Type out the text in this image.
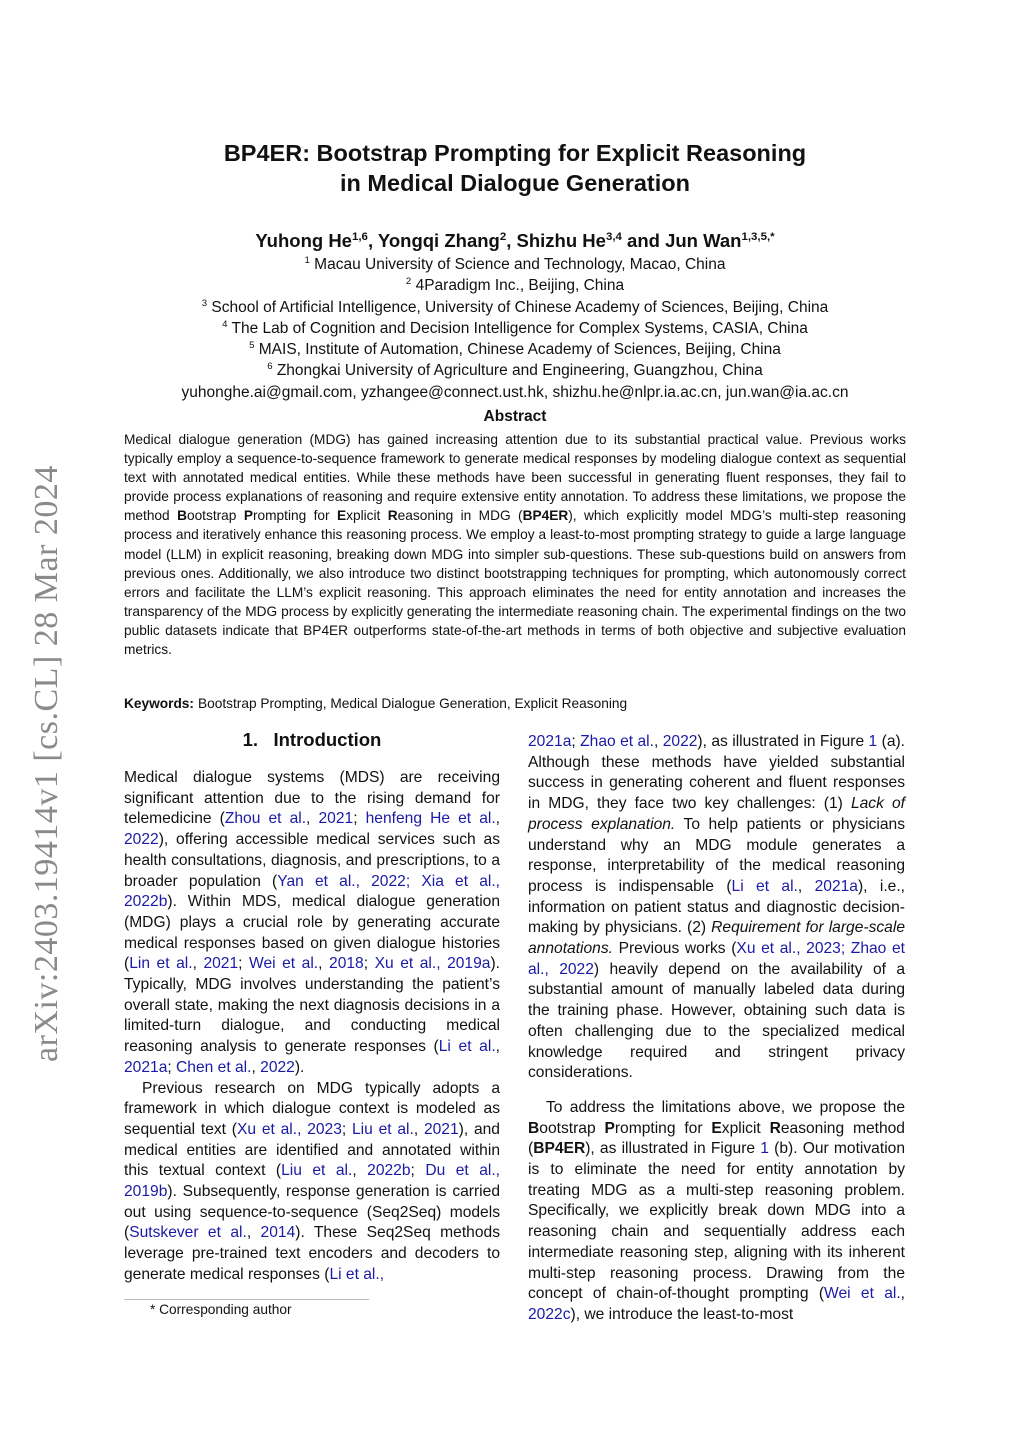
arXiv:2403.19414v1 [cs.CL] 28 Mar 2024
BP4ER: Bootstrap Prompting for Explicit Reasoning
in Medical Dialogue Generation
Yuhong He$^{1,6}$, Yongqi Zhang$^2$, Shizhu He$^{3,4}$ and Jun Wan$^{1,3,5,*}$
$^1$ Macau University of Science and Technology, Macao, China
$^2$ 4Paradigm Inc., Beijing, China
$^3$ School of Artificial Intelligence, University of Chinese Academy of Sciences, Beijing, China
$^4$ The Lab of Cognition and Decision Intelligence for Complex Systems, CASIA, China
$^5$ MAIS, Institute of Automation, Chinese Academy of Sciences, Beijing, China
$^6$ Zhongkai University of Agriculture and Engineering, Guangzhou, China
yuhonghe.ai@gmail.com, yzhangee@connect.ust.hk, shizhu.he@nlpr.ia.ac.cn, jun.wan@ia.ac.cn
Abstract
Medical dialogue generation (MDG) has gained increasing attention due to its substantial practical value. Previous works typically employ a sequence-to-sequence framework to generate medical responses by modeling dialogue context as sequential text with annotated medical entities. While these methods have been successful in generating fluent responses, they fail to provide process explanations of reasoning and require extensive entity annotation. To address these limitations, we propose the method Bootstrap Prompting for Explicit Reasoning in MDG (BP4ER), which explicitly model MDG’s multi-step reasoning process and iteratively enhance this reasoning process. We employ a least-to-most prompting strategy to guide a large language model (LLM) in explicit reasoning, breaking down MDG into simpler sub-questions. These sub-questions build on answers from previous ones. Additionally, we also introduce two distinct bootstrapping techniques for prompting, which autonomously correct errors and facilitate the LLM’s explicit reasoning. This approach eliminates the need for entity annotation and increases the transparency of the MDG process by explicitly generating the intermediate reasoning chain. The experimental findings on the two public datasets indicate that BP4ER outperforms state-of-the-art methods in terms of both objective and subjective evaluation metrics.
Keywords: Bootstrap Prompting, Medical Dialogue Generation, Explicit Reasoning
1. Introduction

Medical dialogue systems (MDS) are receiving significant attention due to the rising demand for telemedicine (Zhou et al., 2021; henfeng He et al., 2022), offering accessible medical services such as health consultations, diagnosis, and prescriptions, to a broader population (Yan et al., 2022; Xia et al., 2022b). Within MDS, medical dialogue generation (MDG) plays a crucial role by generating accurate medical responses based on given dialogue histories (Lin et al., 2021; Wei et al., 2018; Xu et al., 2019a). Typically, MDG involves understanding the patient’s overall state, making the next diagnosis decisions in a limited-turn dialogue, and conducting medical reasoning analysis to generate responses (Li et al., 2021a; Chen et al., 2022).

Previous research on MDG typically adopts a framework in which dialogue context is modeled as sequential text (Xu et al., 2023; Liu et al., 2021), and medical entities are identified and annotated within this textual context (Liu et al., 2022b; Du et al., 2019b). Subsequently, response generation is carried out using sequence-to-sequence (Seq2Seq) models (Sutskever et al., 2014). These Seq2Seq methods leverage pre-trained text encoders and decoders to generate medical responses (Li et al.,

2021a; Zhao et al., 2022), as illustrated in Figure 1 (a). Although these methods have yielded substantial success in generating coherent and fluent responses in MDG, they face two key challenges: (1) Lack of process explanation. To help patients or physicians understand why an MDG module generates a response, interpretability of the medical reasoning process is indispensable (Li et al., 2021a), i.e., information on patient status and diagnostic decision-making by physicians. (2) Requirement for large-scale annotations. Previous works (Xu et al., 2023; Zhao et al., 2022) heavily depend on the availability of a substantial amount of manually labeled data during the training phase. However, obtaining such data is often challenging due to the specialized medical knowledge required and stringent privacy considerations.

To address the limitations above, we propose the Bootstrap Prompting for Explicit Reasoning method (BP4ER), as illustrated in Figure 1 (b). Our motivation is to eliminate the need for entity annotation by treating MDG as a multi-step reasoning problem. Specifically, we explicitly break down MDG into a reasoning chain and sequentially address each intermediate reasoning step, aligning with its inherent multi-step reasoning process. Drawing from the concept of chain-of-thought prompting (Wei et al., 2022c), we introduce the least-to-most

* Corresponding author
